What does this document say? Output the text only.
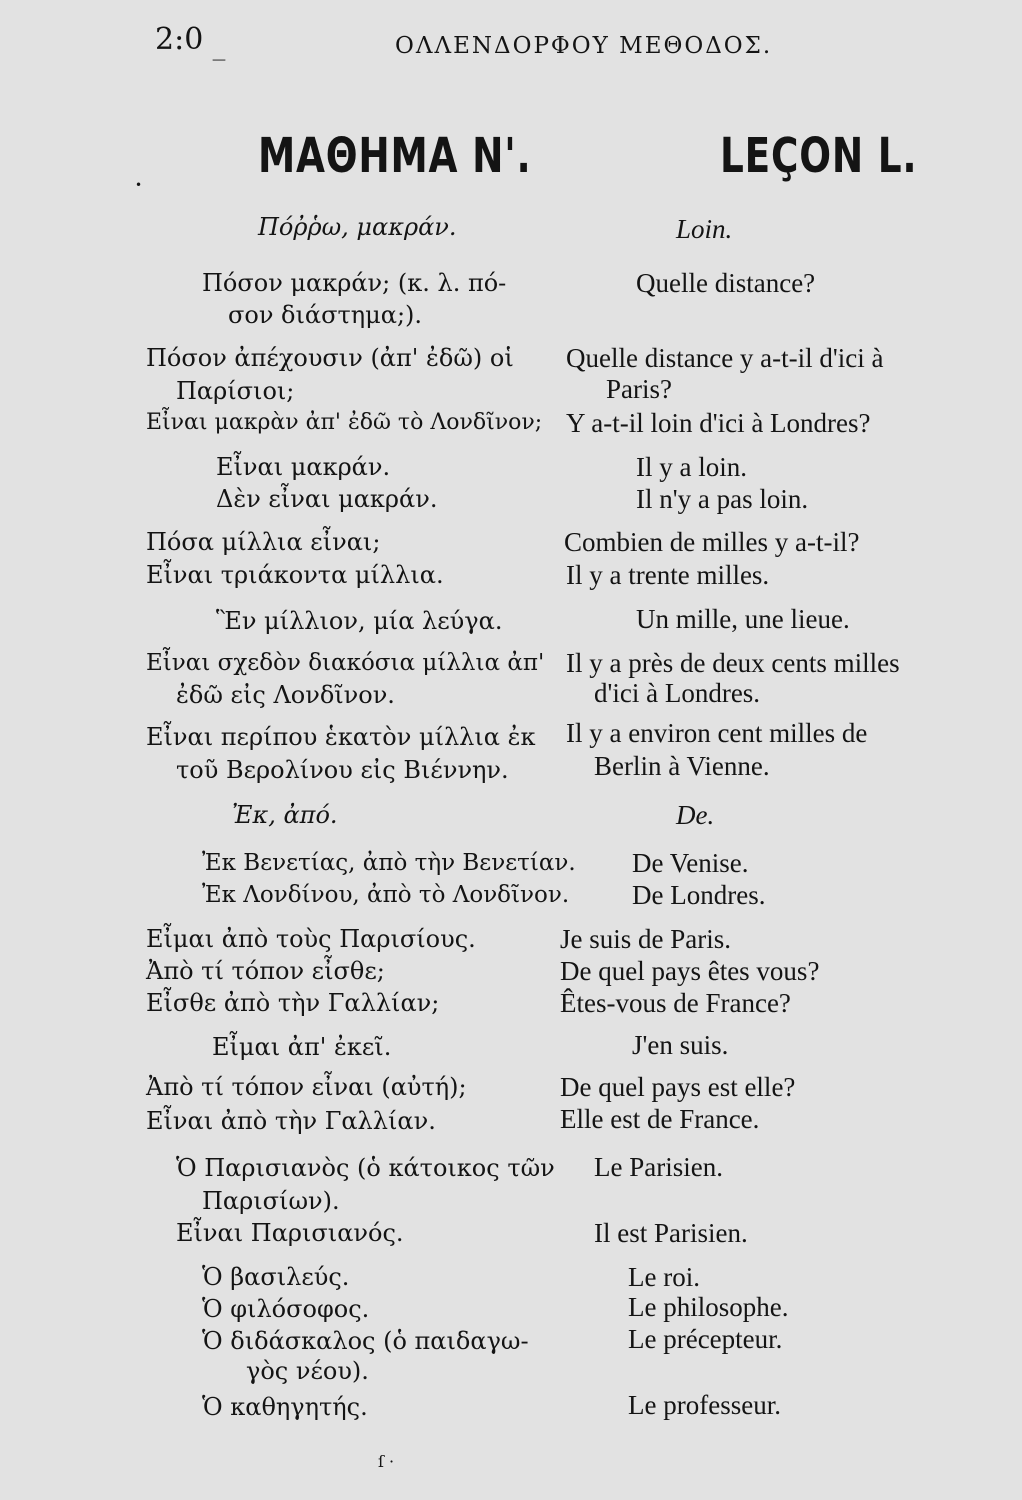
2:0
—
ΟΛΛΕΝΔΟΡΦΟΥ ΜΕΘΟΔΟΣ.
ΜΑΘΗΜΑ Ν'.	LEÇON L.
•
Πόῤῥω, μακράν.
Πόσον μακράν; (κ. λ. πό-
σον διάστημα;).
Πόσον ἀπέχουσιν (ἀπ' ἐδῶ) οἱ
Παρίσιοι;
Εἶναι μακρὰν ἀπ' ἐδῶ τὸ Λονδῖνον;
Εἶναι μακράν.
Δὲν εἶναι μακράν.
Πόσα μίλλια εἶναι;
Εἶναι τριάκοντα μίλλια.
Ἓν μίλλιον, μία λεύγα.
Εἶναι σχεδὸν διακόσια μίλλια ἀπ'
ἐδῶ εἰς Λονδῖνον.
Εἶναι περίπου ἑκατὸν μίλλια ἐκ
τοῦ Βερολίνου εἰς Βιέννην.
Ἐκ, ἀπό.
Ἐκ Βενετίας, ἀπὸ τὴν Βενετίαν.
Ἐκ Λονδίνου, ἀπὸ τὸ Λονδῖνον.
Εἶμαι ἀπὸ τοὺς Παρισίους.
Ἀπὸ τί τόπον εἶσθε;
Εἶσθε ἀπὸ τὴν Γαλλίαν;
Εἶμαι ἀπ' ἐκεῖ.
Ἀπὸ τί τόπον εἶναι (αὐτή);
Εἶναι ἀπὸ τὴν Γαλλίαν.
Ὁ Παρισιανὸς (ὁ κάτοικος τῶν
Παρισίων).
Εἶναι Παρισιανός.
Ὁ βασιλεύς.
Ὁ φιλόσοφος.
Ὁ διδάσκαλος (ὁ παιδαγω-
γὸς νέου).
Ὁ καθηγητής.
Loin.
Quelle distance?
Quelle distance y a-t-il d'ici à
Paris?
Y a-t-il loin d'ici à Londres?
Il y a loin.
Il n'y a pas loin.
Combien de milles y a-t-il?
Il y a trente milles.
Un mille, une lieue.
Il y a près de deux cents milles
d'ici à Londres.
Il y a environ cent milles de
Berlin à Vienne.
De.
De Venise.
De Londres.
Je suis de Paris.
De quel pays êtes vous?
Êtes-vous de France?
J'en suis.
De quel pays est elle?
Elle est de France.
Le Parisien.
Il est Parisien.
Le roi.
Le philosophe.
Le précepteur.
Le professeur.
ſ ·
